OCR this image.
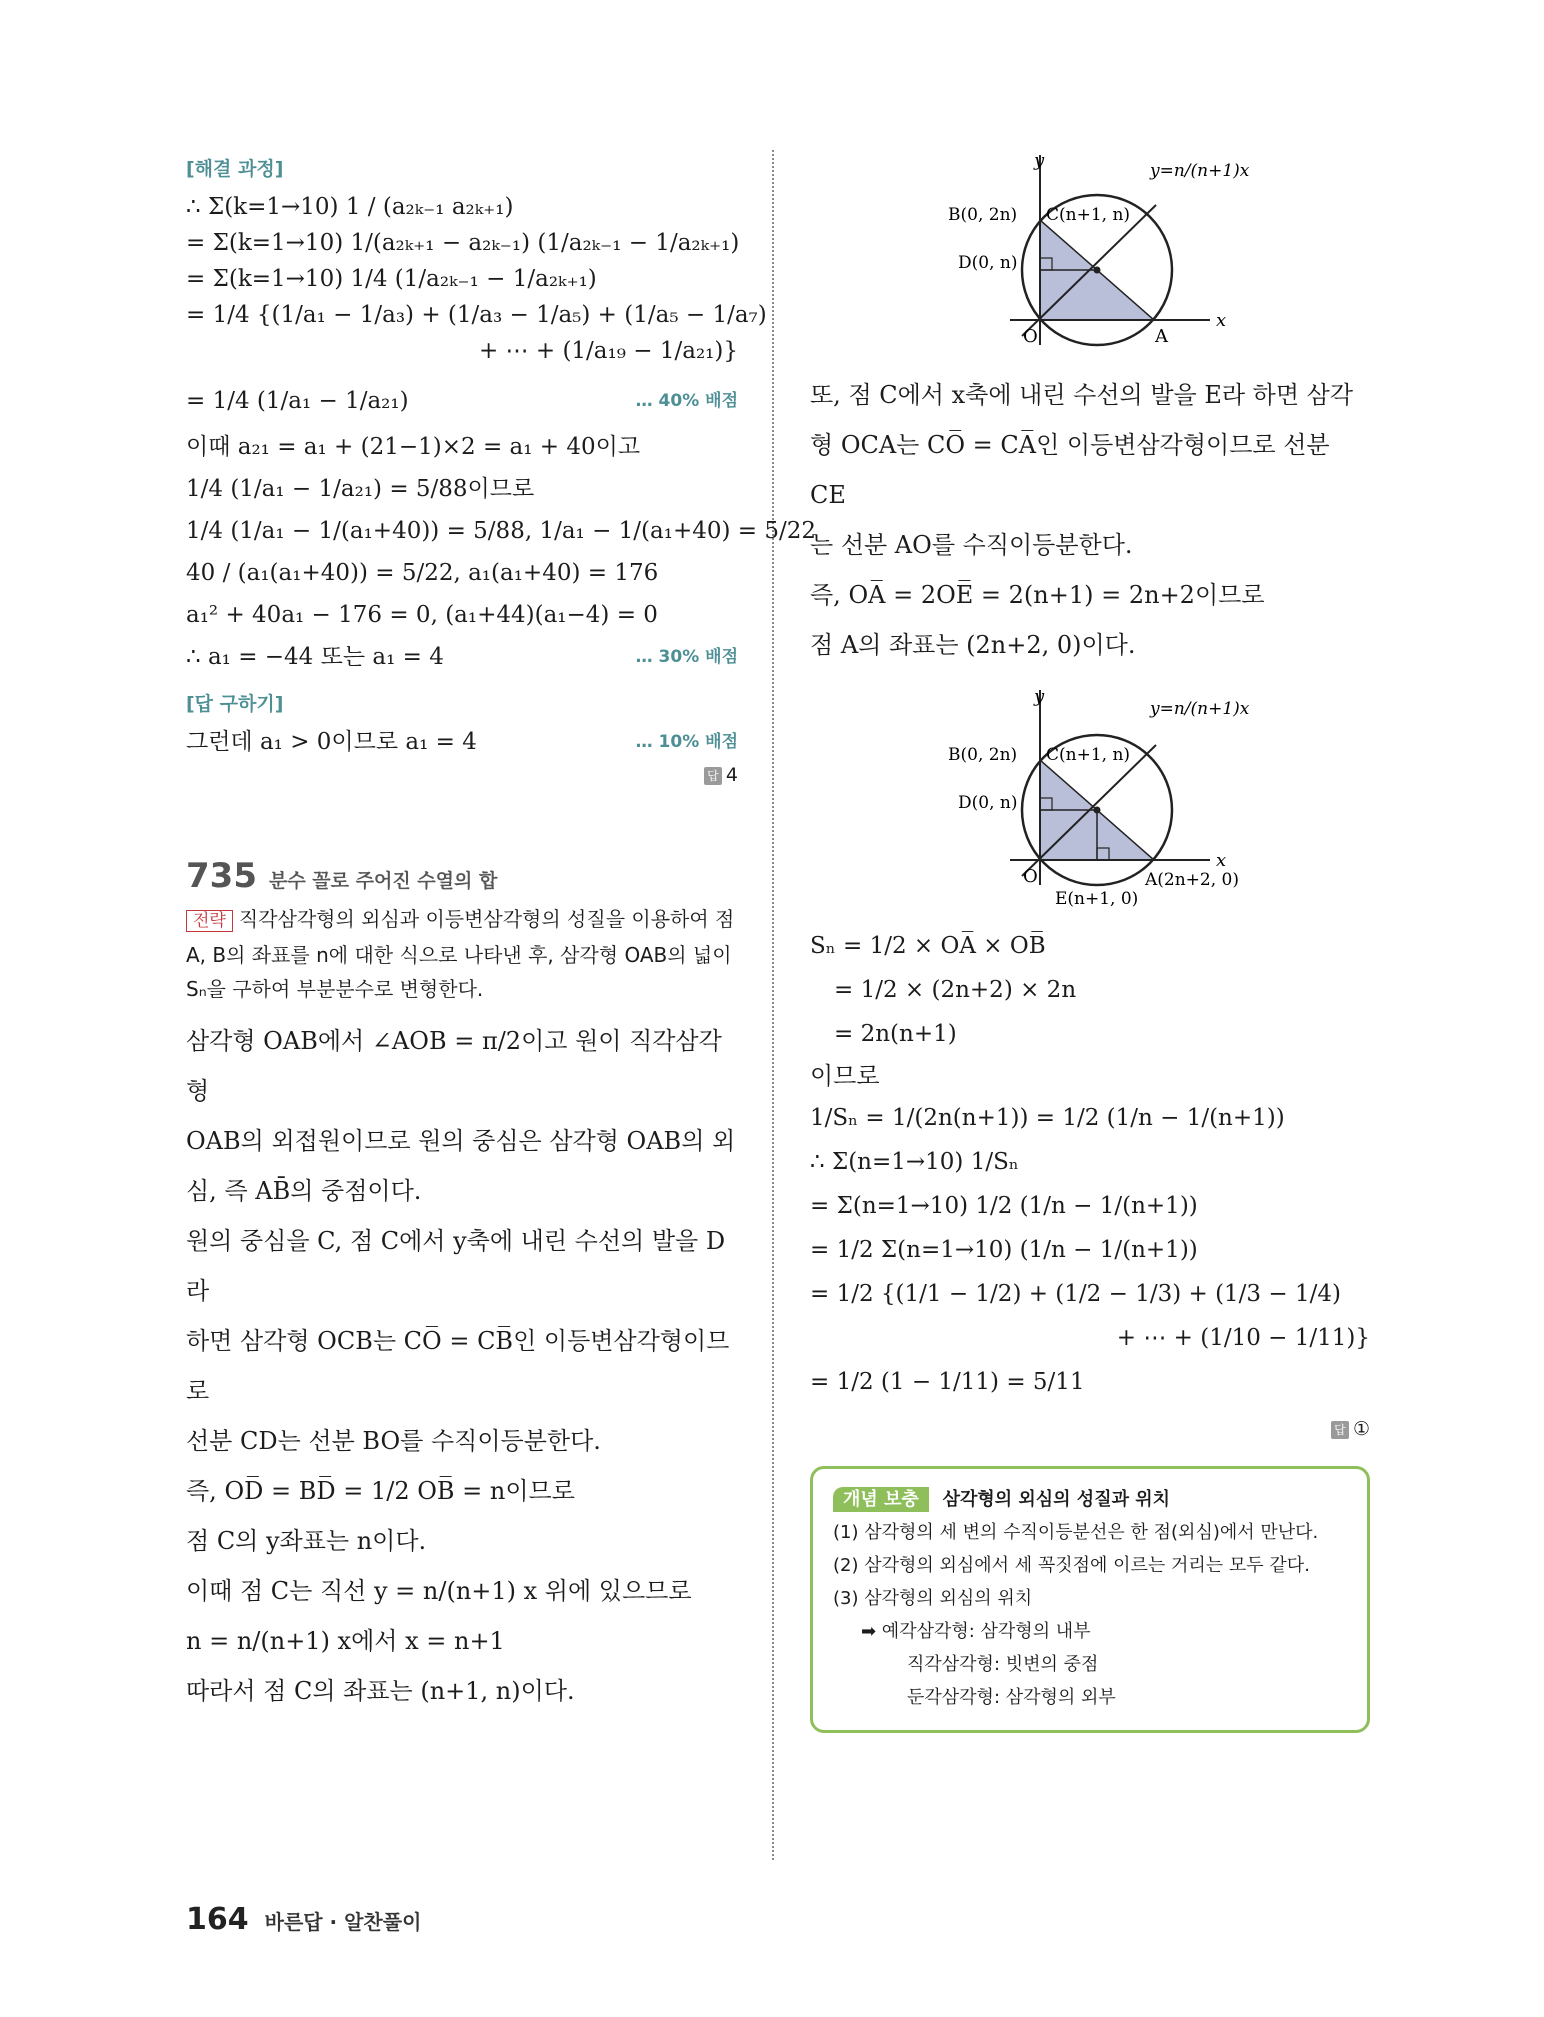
[해결 과정]
∴ Σ(k=1→10) 1 / (a₂ₖ₋₁ a₂ₖ₊₁)
= Σ(k=1→10) 1/(a₂ₖ₊₁ − a₂ₖ₋₁) (1/a₂ₖ₋₁ − 1/a₂ₖ₊₁)
= Σ(k=1→10) 1/4 (1/a₂ₖ₋₁ − 1/a₂ₖ₊₁)
= 1/4 {(1/a₁ − 1/a₃) + (1/a₃ − 1/a₅) + (1/a₅ − 1/a₇)
+ ⋯ + (1/a₁₉ − 1/a₂₁)}
= 1/4 (1/a₁ − 1/a₂₁)	… 40% 배점
이때 a₂₁ = a₁ + (21−1)×2 = a₁ + 40이고
1/4 (1/a₁ − 1/a₂₁) = 5/88이므로
1/4 (1/a₁ − 1/(a₁+40)) = 5/88, 1/a₁ − 1/(a₁+40) = 5/22
40 / (a₁(a₁+40)) = 5/22, a₁(a₁+40) = 176
a₁² + 40a₁ − 176 = 0, (a₁+44)(a₁−4) = 0
∴ a₁ = −44 또는 a₁ = 4	… 30% 배점
[답 구하기]
그런데 a₁ > 0이므로 a₁ = 4	… 10% 배점
답 4
735 분수 꼴로 주어진 수열의 합
전략 직각삼각형의 외심과 이등변삼각형의 성질을 이용하여 점 A, B의 좌표를 n에 대한 식으로 나타낸 후, 삼각형 OAB의 넓이 Sₙ을 구하여 부분분수로 변형한다.
삼각형 OAB에서 ∠AOB = π/2이고 원이 직각삼각형
OAB의 외접원이므로 원의 중심은 삼각형 OAB의 외
심, 즉 AB̄의 중점이다.
원의 중심을 C, 점 C에서 y축에 내린 수선의 발을 D라
하면 삼각형 OCB는 CO̅ = CB̅인 이등변삼각형이므로
선분 CD는 선분 BO를 수직이등분한다.
즉, OD̅ = BD̅ = 1/2 OB̅ = n이므로
점 C의 y좌표는 n이다.
이때 점 C는 직선 y = n/(n+1) x 위에 있으므로
n = n/(n+1) x에서 x = n+1
따라서 점 C의 좌표는 (n+1, n)이다.
y
x
y=n/(n+1)x
B(0, 2n) C(n+1, n)
D(0, n)
O	A
또, 점 C에서 x축에 내린 수선의 발을 E라 하면 삼각
형 OCA는 CO̅ = CA̅인 이등변삼각형이므로 선분 CE
는 선분 AO를 수직이등분한다.
즉, OA̅ = 2OE̅ = 2(n+1) = 2n+2이므로
점 A의 좌표는 (2n+2, 0)이다.
y
x
y=n/(n+1)x
B(0, 2n) C(n+1, n)
D(0, n)
O	A(2n+2, 0)
E(n+1, 0)
Sₙ = 1/2 × OA̅ × OB̅
= 1/2 × (2n+2) × 2n
= 2n(n+1)
이므로
1/Sₙ = 1/(2n(n+1)) = 1/2 (1/n − 1/(n+1))
∴ Σ(n=1→10) 1/Sₙ
= Σ(n=1→10) 1/2 (1/n − 1/(n+1))
= 1/2 Σ(n=1→10) (1/n − 1/(n+1))
= 1/2 {(1/1 − 1/2) + (1/2 − 1/3) + (1/3 − 1/4)
+ ⋯ + (1/10 − 1/11)}
= 1/2 (1 − 1/11) = 5/11
답 ①
개념 보충 삼각형의 외심의 성질과 위치
(1) 삼각형의 세 변의 수직이등분선은 한 점(외심)에서 만난다.
(2) 삼각형의 외심에서 세 꼭짓점에 이르는 거리는 모두 같다.
(3) 삼각형의 외심의 위치
➡ 예각삼각형: 삼각형의 내부
직각삼각형: 빗변의 중점
둔각삼각형: 삼각형의 외부
164 바른답 · 알찬풀이
